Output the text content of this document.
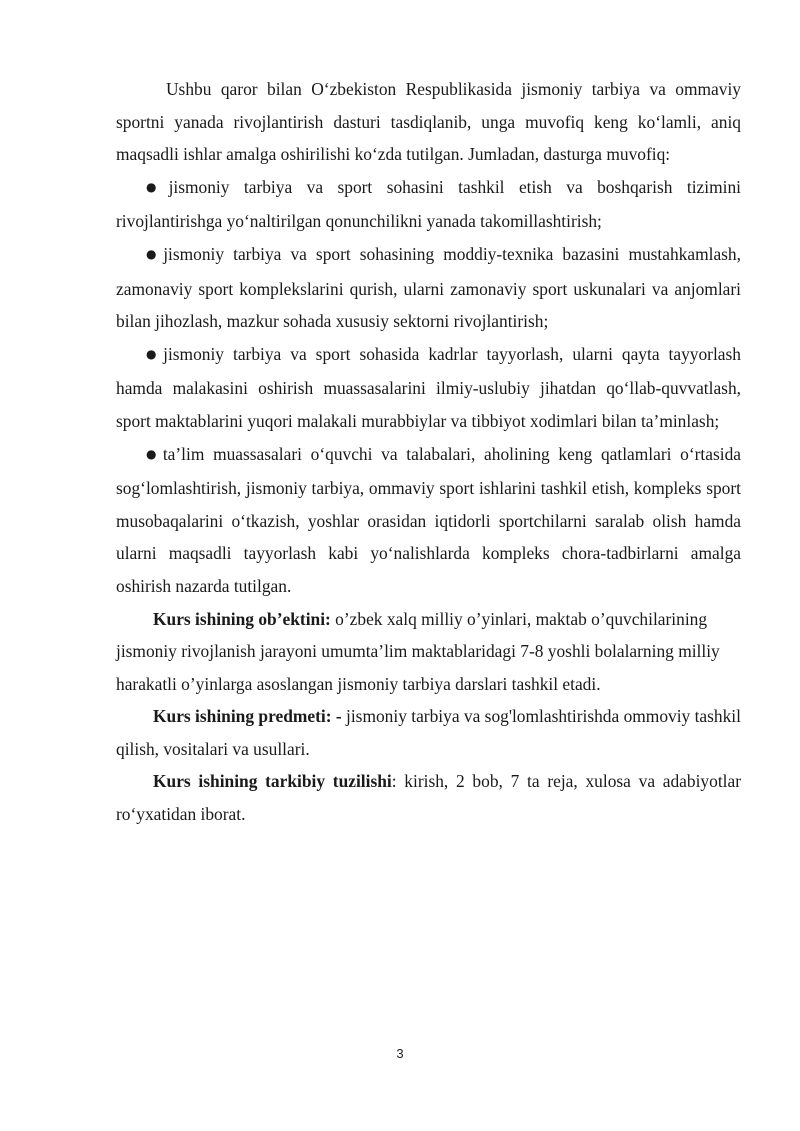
Ushbu qaror bilan O‘zbekiston Respublikasida jismoniy tarbiya va ommaviy sportni yanada rivojlantirish dasturi tasdiqlanib, unga muvofiq keng ko‘lamli, aniq maqsadli ishlar amalga oshirilishi ko‘zda tutilgan. Jumladan, dasturga muvofiq:

● jismoniy tarbiya va sport sohasini tashkil etish va boshqarish tizimini rivojlantirishga yo‘naltirilgan qonunchilikni yanada takomillashtirish;

● jismoniy tarbiya va sport sohasining moddiy-texnika bazasini mustahkamlash, zamonaviy sport komplekslarini qurish, ularni zamonaviy sport uskunalari va anjomlari bilan jihozlash, mazkur sohada xususiy sektorni rivojlantirish;

● jismoniy tarbiya va sport sohasida kadrlar tayyorlash, ularni qayta tayyorlash hamda malakasini oshirish muassasalarini ilmiy-uslubiy jihatdan qo‘llab-quvvatlash, sport maktablarini yuqori malakali murabbiylar va tibbiyot xodimlari bilan ta’minlash;

● ta’lim muassasalari o‘quvchi va talabalari, aholining keng qatlamlari o‘rtasida sog‘lomlashtirish, jismoniy tarbiya, ommaviy sport ishlarini tashkil etish, kompleks sport musobaqalarini o‘tkazish, yoshlar orasidan iqtidorli sportchilarni saralab olish hamda ularni maqsadli tayyorlash kabi yo‘nalishlarda kompleks chora-tadbirlarni amalga oshirish nazarda tutilgan.

Kurs ishining ob’ektini: o’zbek xalq milliy o’yinlari, maktab o’quvchilarining jismoniy rivojlanish jarayoni umumta’lim maktablaridagi 7-8 yoshli bolalarning milliy harakatli o’yinlarga asoslangan jismoniy tarbiya darslari tashkil etadi.

Kurs ishining predmeti: - jismoniy tarbiya va sog'lomlashtirishda ommoviy tashkil qilish, vositalari va usullari.

Kurs ishining tarkibiy tuzilishi: kirish, 2 bob, 7 ta reja, xulosa va adabiyotlar ro‘yxatidan iborat.

3
